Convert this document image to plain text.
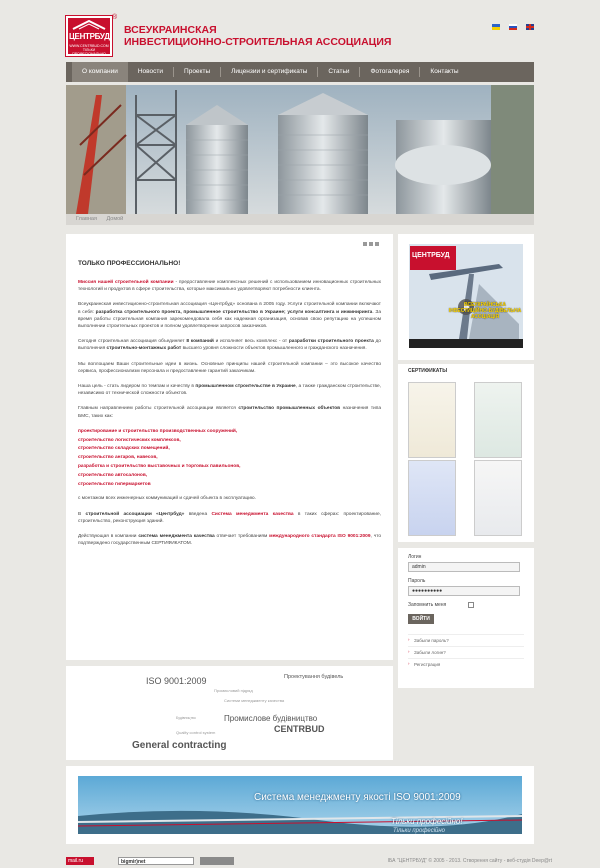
ЦЕНТРБУД
WWW.CENTRBUD.COM
ТІЛЬКИ ПРОФЕСІОНАЛЬНО
®
ВСЕУКРАИНСКАЯ
ИНВЕСТИЦИОННО-СТРОИТЕЛЬНАЯ АССОЦИАЦИЯ
О компании	Новости	Проекты	Лицензии и сертификаты	Статьи	Фотогалерея	Контакты
Главная Домой
ТОЛЬКО ПРОФЕССИОНАЛЬНО!

Миссия нашей строительной компании - предоставление комплексных решений с использованием инновационных строительных технологий и продуктов в сфере строительства, которые максимально удовлетворяют потребности клиента.

Всеукраинская инвестиционно-строительная ассоциация «Центрбуд» основана в 2005 году. Услуги строительной компании включают в себя: разработка строительного проекта, промышленное строительство в Украине; услуги консалтинга и инжиниринга. За время работы строительная компания зарекомендовала себя как надежная организация, основав свою репутацию на успешном выполнении строительных проектов и полном удовлетворении запросов заказчиков.

Сегодня строительная ассоциация объединяет 8 компаний и исполняет весь комплекс - от разработки строительного проекта до выполнения строительно-монтажных работ высшего уровня сложности объектов промышленного и гражданского назначения.

Мы воплощаем Ваши строительные идеи в жизнь. Основные принципы нашей строительной компании – это высокое качество сервиса, профессионализм персонала и предоставление гарантий заказчикам.

Наша цель - стать лидером по темпам и качеству в промышленном строительстве в Украине, а также гражданском строительстве, независимо от технической сложности объектов.

Главным направлением работы строительной ассоциации является строительство промышленных объектов назначения типа БМС, таких как:

проектирование и строительство производственных сооружений,
строительство логистических комплексов,
строительство складских помещений,
строительство ангаров, навесов,
разработка и строительство выставочных и торговых павильонов,
строительство автосалонов,
строительство гипермаркетов

с монтажом всех инженерных коммуникаций и сдачей объекта в эксплуатацию.

В строительной ассоциации «Центрбуд» введена Система менеджмента качества в таких сферах: проектирование, строительство, реконструкция зданий.

Действующая в компании система менеджмента качества отвечает требованиям международного стандарта ISO 9001:2009, что подтверждено государственным СЕРТИФИКАТОМ.

ISO 9001:2009	Проектування будівель
Промисловий підряд
Системи менеджменту качества
Промислове будівництво
CENTRBUD
Будівництво
Quality control system
General contracting
ЦЕНТРБУД
ВСЕУКРАЇНСЬКА ІНВЕСТИЦІЙНО-БУДІВЕЛЬНА АСОЦІАЦІЯ
СЕРТИФИКАТЫ
Логин
admin
Пароль
●●●●●●●●●●
Запомнить меня
ВОЙТИ
› Забыли пароль?
› Забыли логин?
› Регистрация
Система менеджменту якості ISO 9001:2009
Тільки професійно!
Тільки професійно
mail.ru	bigmir)net	ІБА "ЦЕНТРБУД" © 2005 - 2013. Створення сайту - веб-студія Deep@rt
